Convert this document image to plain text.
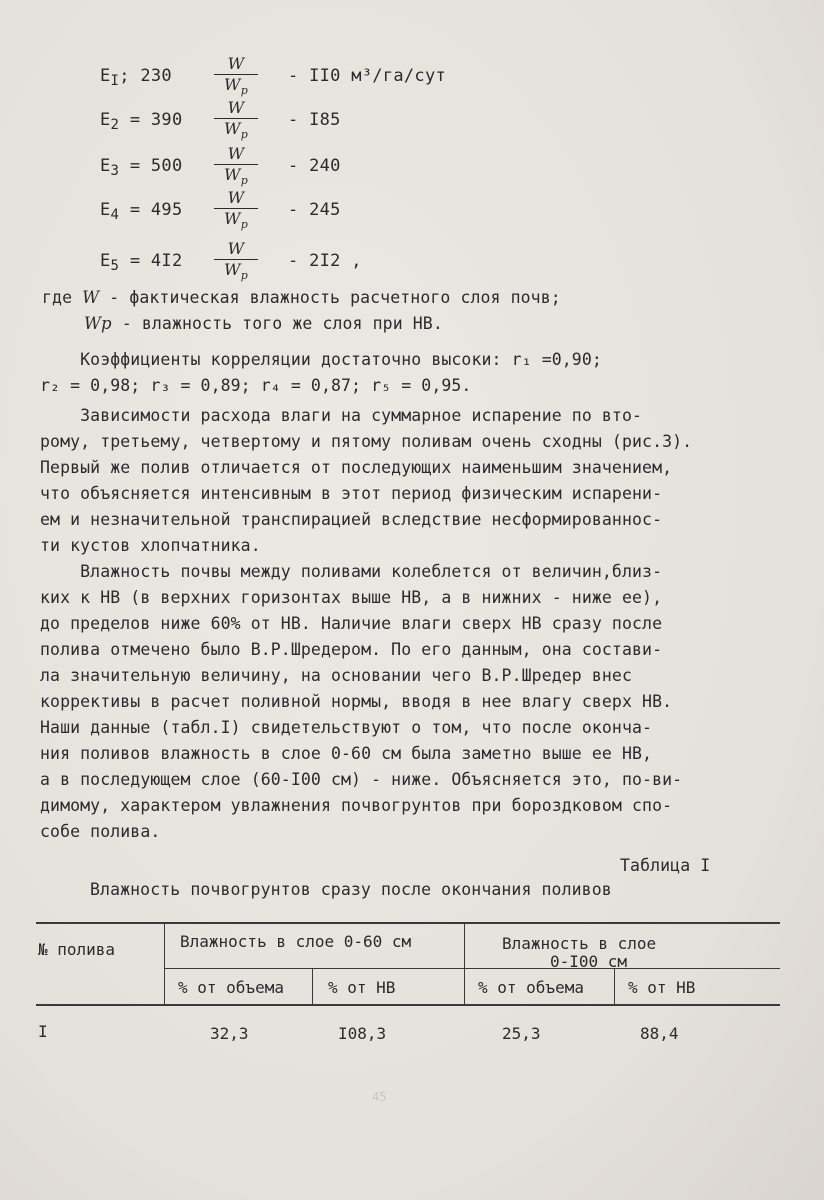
$E_I$; 230
W
$W_p$
- II0 м³/га/сут
$E_2 = 390$
W
$W_p$
- I85
$E_3 = 500$
W
$W_p$
- 240
$E_4 = 495$
W
$W_p$
- 245
$E_5 = 4I2$
W
$W_p$
- 2I2 ,
где W - фактическая влажность расчетного слоя почв;
Wp - влажность того же слоя при НВ.
Коэффициенты корреляции достаточно высоки: r₁ =0,90;
r₂ = 0,98; r₃ = 0,89; r₄ = 0,87; r₅ = 0,95.
Зависимости расхода влаги на суммарное испарение по вто-
рому, третьему, четвертому и пятому поливам очень сходны (рис.3).
Первый же полив отличается от последующих наименьшим значением,
что объясняется интенсивным в этот период физическим испарени-
ем и незначительной транспирацией вследствие несформированнос-
ти кустов хлопчатника.
Влажность почвы между поливами колеблется от величин,близ-
ких к НВ (в верхних горизонтах выше НВ, а в нижних - ниже ее),
до пределов ниже 60% от НВ. Наличие влаги сверх НВ сразу после
полива отмечено было В.Р.Шредером. По его данным, она состави-
ла значительную величину, на основании чего В.Р.Шредер внес
коррективы в расчет поливной нормы, вводя в нее влагу сверх НВ.
Наши данные (табл.I) свидетельствуют о том, что после оконча-
ния поливов влажность в слое 0-60 см была заметно выше ее НВ,
а в последующем слое (60-I00 см) - ниже. Объясняется это, по-ви-
димому, характером увлажнения почвогрунтов при бороздковом спо-
собе полива.
Таблица I
Влажность почвогрунтов сразу после окончания поливов
№ полива	Влажность в слое 0-60 см	Влажность в слое
0-I00 см
% от объема	% от НВ	% от объема	% от НВ
I	32,3	I08,3	25,3	88,4
45
